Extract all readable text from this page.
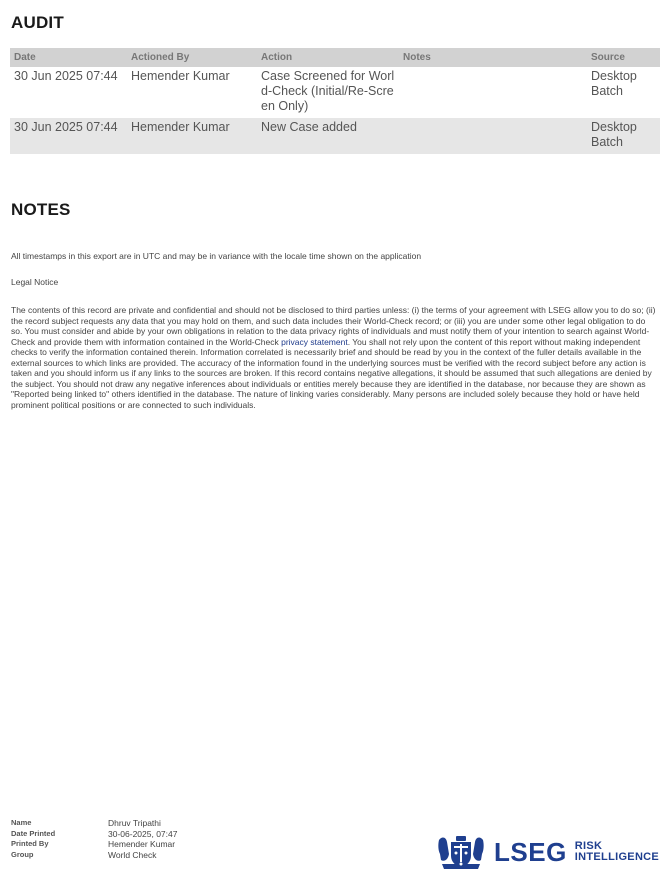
AUDIT
Date	Actioned By	Action	Notes	Source
30 Jun 2025 07:44	Hemender Kumar	Case Screened for World-Check (Initial/Re-Screen Only)		Desktop Batch
30 Jun 2025 07:44	Hemender Kumar	New Case added		Desktop Batch
NOTES

All timestamps in this export are in UTC and may be in variance with the locale time shown on the application

Legal Notice

The contents of this record are private and confidential and should not be disclosed to third parties unless: (i) the terms of your agreement with LSEG allow you to do so; (ii) the record subject requests any data that you may hold on them, and such data includes their World-Check record; or (iii) you are under some other legal obligation to do so. You must consider and abide by your own obligations in relation to the data privacy rights of individuals and must notify them of your intention to search against World-Check and provide them with information contained in the World-Check privacy statement. You shall not rely upon the content of this report without making independent checks to verify the information contained therein. Information correlated is necessarily brief and should be read by you in the context of the fuller details available in the external sources to which links are provided. The accuracy of the information found in the underlying sources must be verified with the record subject before any action is taken and you should inform us if any links to the sources are broken. If this record contains negative allegations, it should be assumed that such allegations are denied by the subject. You should not draw any negative inferences about individuals or entities merely because they are identified in the database, nor because they are shown as "Reported being linked to" others identified in the database. The nature of linking varies considerably. Many persons are included solely because they hold or have held prominent political positions or are connected to such individuals.

Name	Dhruv Tripathi
Date Printed	30-06-2025, 07:47
Printed By	Hemender Kumar
Group	World Check	LSEG RISK
INTELLIGENCE
